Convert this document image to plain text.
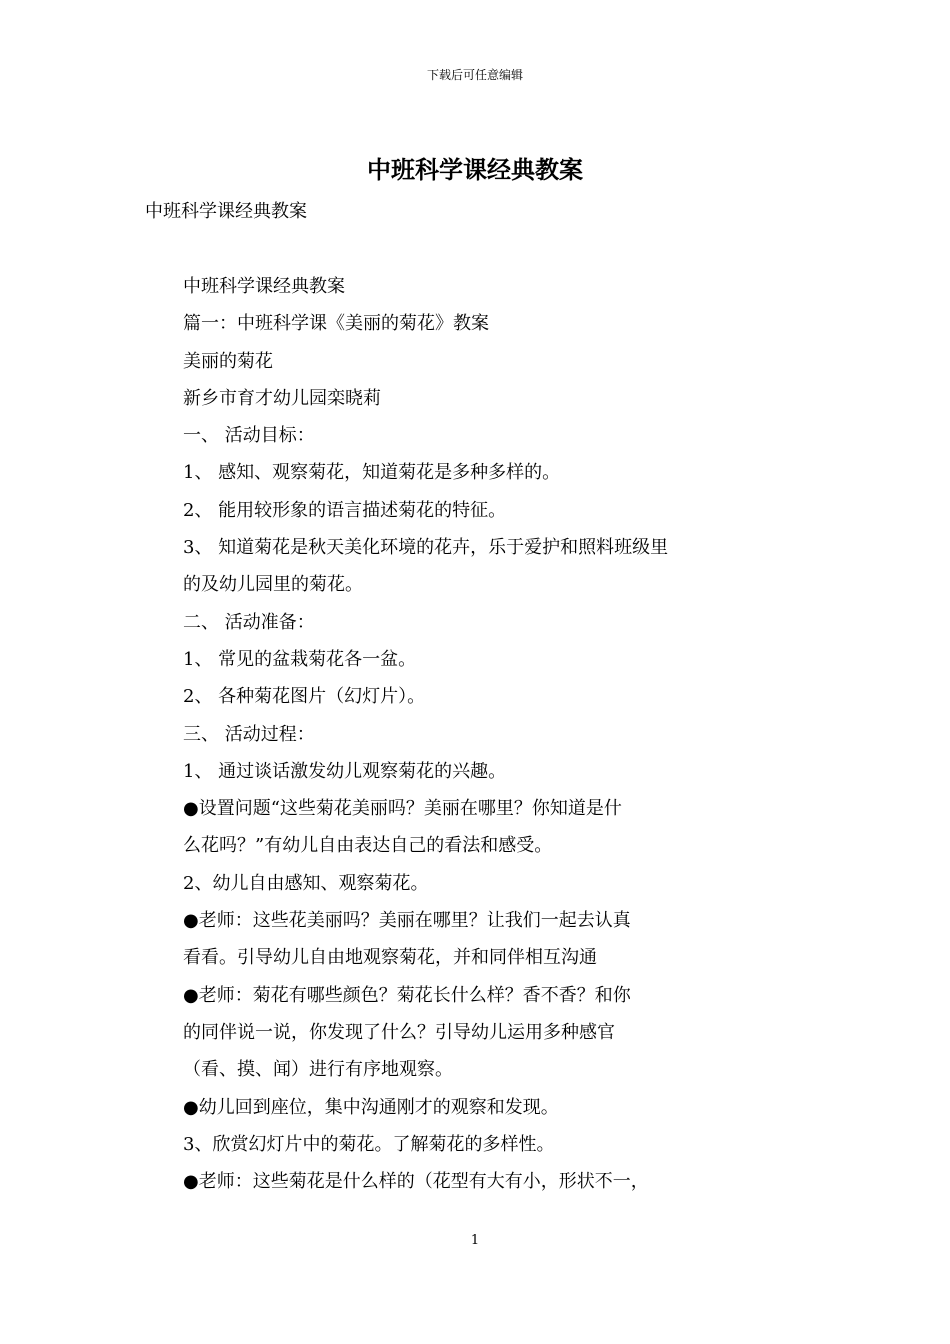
下载后可任意编辑
中班科学课经典教案
中班科学课经典教案
中班科学课经典教案
篇一：中班科学课《美丽的菊花》教案
美丽的菊花
新乡市育才幼儿园栾晓莉
一、 活动目标：
1、 感知、观察菊花，知道菊花是多种多样的。
2、 能用较形象的语言描述菊花的特征。
3、 知道菊花是秋天美化环境的花卉，乐于爱护和照料班级里
的及幼儿园里的菊花。
二、 活动准备：
1、 常见的盆栽菊花各一盆。
2、 各种菊花图片（幻灯片）。
三、 活动过程：
1、 通过谈话激发幼儿观察菊花的兴趣。
●设置问题“这些菊花美丽吗？美丽在哪里？你知道是什
么花吗？”有幼儿自由表达自己的看法和感受。
2、幼儿自由感知、观察菊花。
●老师：这些花美丽吗？美丽在哪里？让我们一起去认真
看看。引导幼儿自由地观察菊花，并和同伴相互沟通
●老师：菊花有哪些颜色？菊花长什么样？香不香？和你
的同伴说一说，你发现了什么？引导幼儿运用多种感官
（看、摸、闻）进行有序地观察。
●幼儿回到座位，集中沟通刚才的观察和发现。
3、欣赏幻灯片中的菊花。了解菊花的多样性。
●老师：这些菊花是什么样的（花型有大有小，形状不一，
1
